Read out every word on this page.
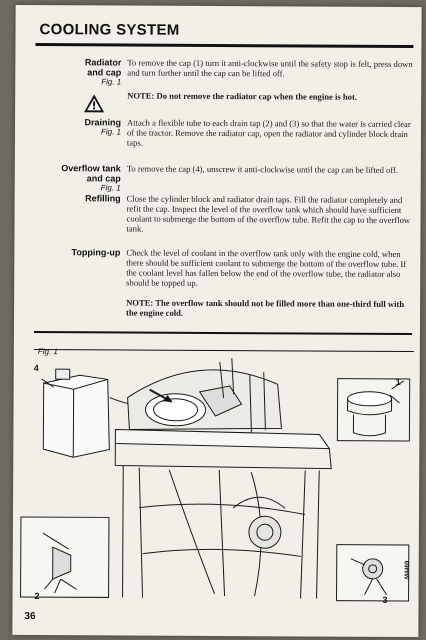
COOLING SYSTEM
Radiator
and cap
Fig. 1
To remove the cap (1) turn it anti-clockwise until the safety stop is felt, press down and turn further until the cap can be lifted off.
NOTE: Do not remove the radiator cap when the engine is hot.
Draining
Fig. 1
Attach a flexible tube to each drain tap (2) and (3) so that the water is carried clear of the tractor. Remove the radiator cap, open the radiator and cylinder block drain taps.
Overflow tank
and cap
Fig. 1
To remove the cap (4), unscrew it anti-clockwise until the cap can be lifted off.
Refilling Close the cylinder block and radiator drain taps. Fill the radiator completely and refit the cap. Inspect the level of the overflow tank which should have sufficient coolant to submerge the bottom of the overflow tube. Refit the cap to the overflow tank.
Topping-up Check the level of coolant in the overflow tank only with the engine cold, when there should be sufficient coolant to submerge the bottom of the overflow tube. If the coolant level has fallen below the end of the overflow tube, the radiator also should be topped up.
NOTE: The overflow tank should not be filled more than one-third full with the engine cold.
Fig. 1
4
1
2	3
M4469
36
